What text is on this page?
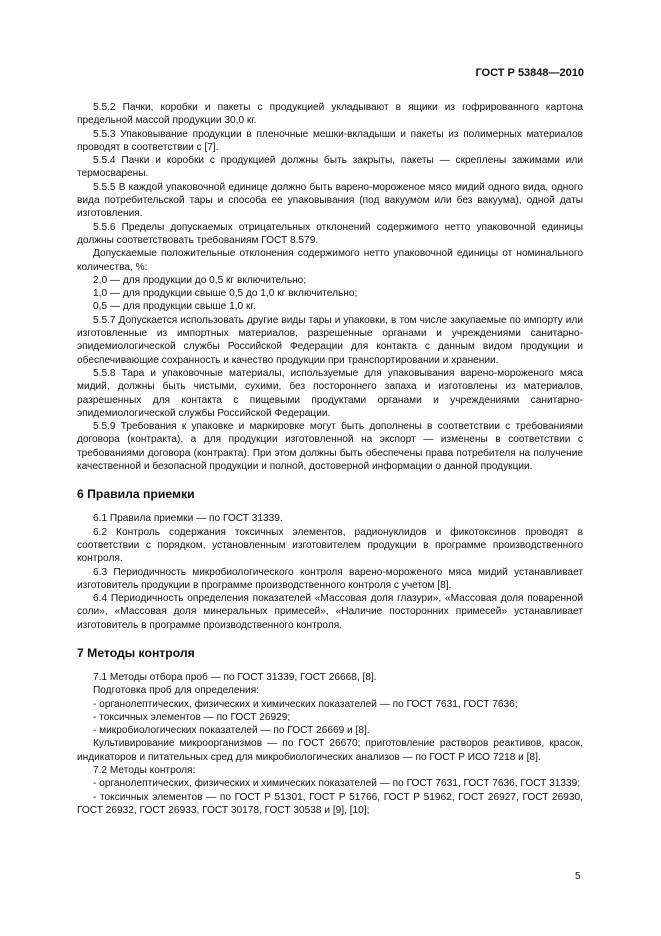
ГОСТ Р 53848—2010

5.5.2 Пачки, коробки и пакеты с продукцией укладывают в ящики из гофрированного картона предельной массой продукции 30,0 кг.

5.5.3 Упаковывание продукции в пленочные мешки-вкладыши и пакеты из полимерных материалов проводят в соответствии с [7].

5.5.4 Пачки и коробки с продукцией должны быть закрыты, пакеты — скреплены зажимами или термосварены.

5.5.5 В каждой упаковочной единице должно быть варено-мороженое мясо мидий одного вида, одного вида потребительской тары и способа ее упаковывания (под вакуумом или без вакуума), одной даты изготовления.

5.5.6 Пределы допускаемых отрицательных отклонений содержимого нетто упаковочной единицы должны соответствовать требованиям ГОСТ 8.579.

Допускаемые положительные отклонения содержимого нетто упаковочной единицы от номинального количества, %:

2,0 — для продукции до 0,5 кг включительно;

1,0 — для продукции свыше 0,5 до 1,0 кг включительно;

0,5 — для продукции свыше 1,0 кг.

5.5.7 Допускается использовать другие виды тары и упаковки, в том числе закупаемые по импорту или изготовленные из импортных материалов, разрешенные органами и учреждениями санитарно-эпидемиологической службы Российской Федерации для контакта с данным видом продукции и обеспечивающие сохранность и качество продукции при транспортировании и хранении.

5.5.8 Тара и упаковочные материалы, используемые для упаковывания варено-мороженого мяса мидий, должны быть чистыми, сухими, без постороннего запаха и изготовлены из материалов, разрешенных для контакта с пищевыми продуктами органами и учреждениями санитарно-эпидемиологической службы Российской Федерации.

5.5.9 Требования к упаковке и маркировке могут быть дополнены в соответствии с требованиями договора (контракта), а для продукции изготовленной на экспорт — изменены в соответствии с требованиями договора (контракта). При этом должны быть обеспечены права потребителя на получение качественной и безопасной продукции и полной, достоверной информации о данной продукции.

6 Правила приемки

6.1 Правила приемки — по ГОСТ 31339.

6.2 Контроль содержания токсичных элементов, радионуклидов и фикотоксинов проводят в соответствии с порядком, установленным изготовителем продукции в программе производственного контроля.

6.3 Периодичность микробиологического контроля варено-мороженого мяса мидий устанавливает изготовитель продукции в программе производственного контроля с учетом [8].

6.4 Периодичность определения показателей «Массовая доля глазури», «Массовая доля поваренной соли», «Массовая доля минеральных примесей», «Наличие посторонних примесей» устанавливает изготовитель в программе производственного контроля.

7 Методы контроля

7.1 Методы отбора проб — по ГОСТ 31339, ГОСТ 26668, [8].

Подготовка проб для определения:

- органолептических, физических и химических показателей — по ГОСТ 7631, ГОСТ 7636;

- токсичных элементов — по ГОСТ 26929;

- микробиологических показателей — по ГОСТ 26669 и [8].

Культивирование микроорганизмов — по ГОСТ 26670; приготовление растворов реактивов, красок, индикаторов и питательных сред для микробиологических анализов — по ГОСТ Р ИСО 7218 и [8].

7.2 Методы контроля:

- органолептических, физических и химических показателей — по ГОСТ 7631, ГОСТ 7636, ГОСТ 31339;

- токсичных элементов — по ГОСТ Р 51301, ГОСТ Р 51766, ГОСТ Р 51962, ГОСТ 26927, ГОСТ 26930, ГОСТ 26932, ГОСТ 26933, ГОСТ 30178, ГОСТ 30538 и [9], [10];

5
